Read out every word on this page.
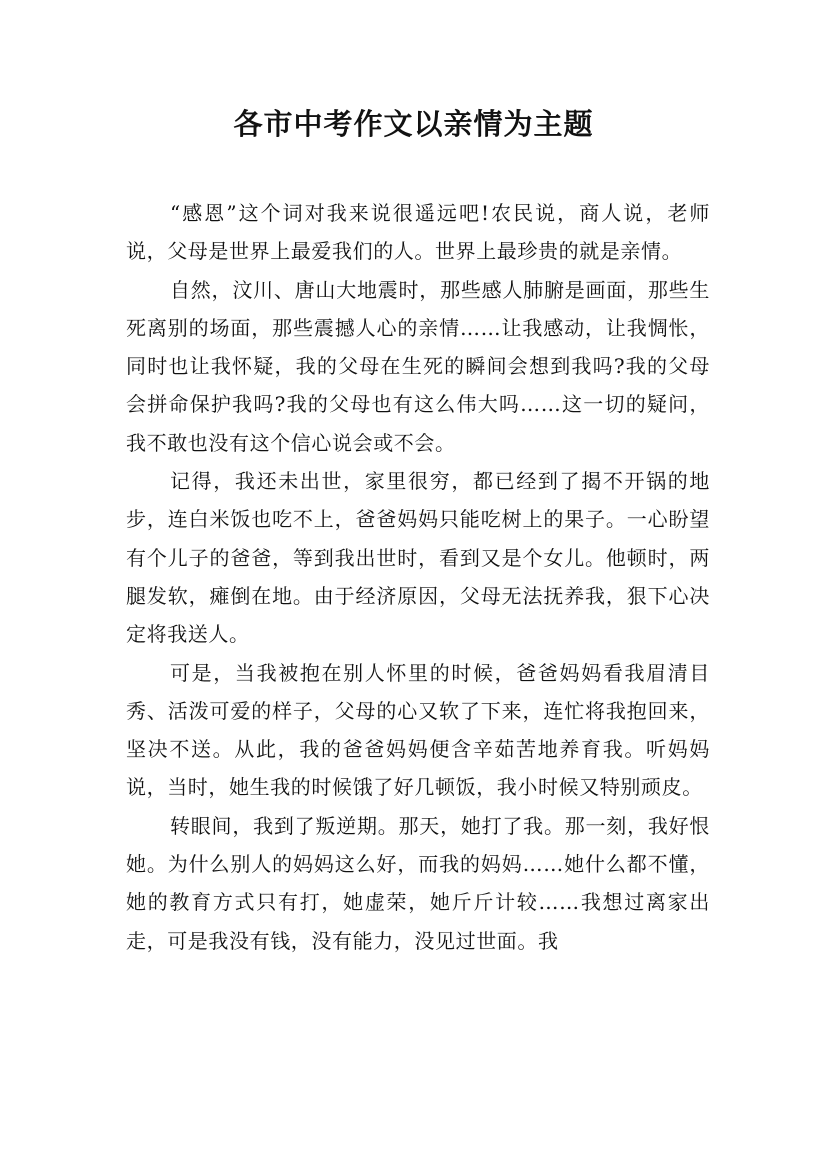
各市中考作文以亲情为主题

“感恩”这个词对我来说很遥远吧!农民说，商人说，老师说，父母是世界上最爱我们的人。世界上最珍贵的就是亲情。

自然，汶川、唐山大地震时，那些感人肺腑是画面，那些生死离别的场面，那些震撼人心的亲情……让我感动，让我惆怅，同时也让我怀疑，我的父母在生死的瞬间会想到我吗?我的父母会拼命保护我吗?我的父母也有这么伟大吗……这一切的疑问，我不敢也没有这个信心说会或不会。

记得，我还未出世，家里很穷，都已经到了揭不开锅的地步，连白米饭也吃不上，爸爸妈妈只能吃树上的果子。一心盼望有个儿子的爸爸，等到我出世时，看到又是个女儿。他顿时，两腿发软，瘫倒在地。由于经济原因，父母无法抚养我，狠下心决定将我送人。

可是，当我被抱在别人怀里的时候，爸爸妈妈看我眉清目秀、活泼可爱的样子，父母的心又软了下来，连忙将我抱回来，坚决不送。从此，我的爸爸妈妈便含辛茹苦地养育我。听妈妈说，当时，她生我的时候饿了好几顿饭，我小时候又特别顽皮。

转眼间，我到了叛逆期。那天，她打了我。那一刻，我好恨她。为什么别人的妈妈这么好，而我的妈妈……她什么都不懂，她的教育方式只有打，她虚荣，她斤斤计较……我想过离家出走，可是我没有钱，没有能力，没见过世面。我
